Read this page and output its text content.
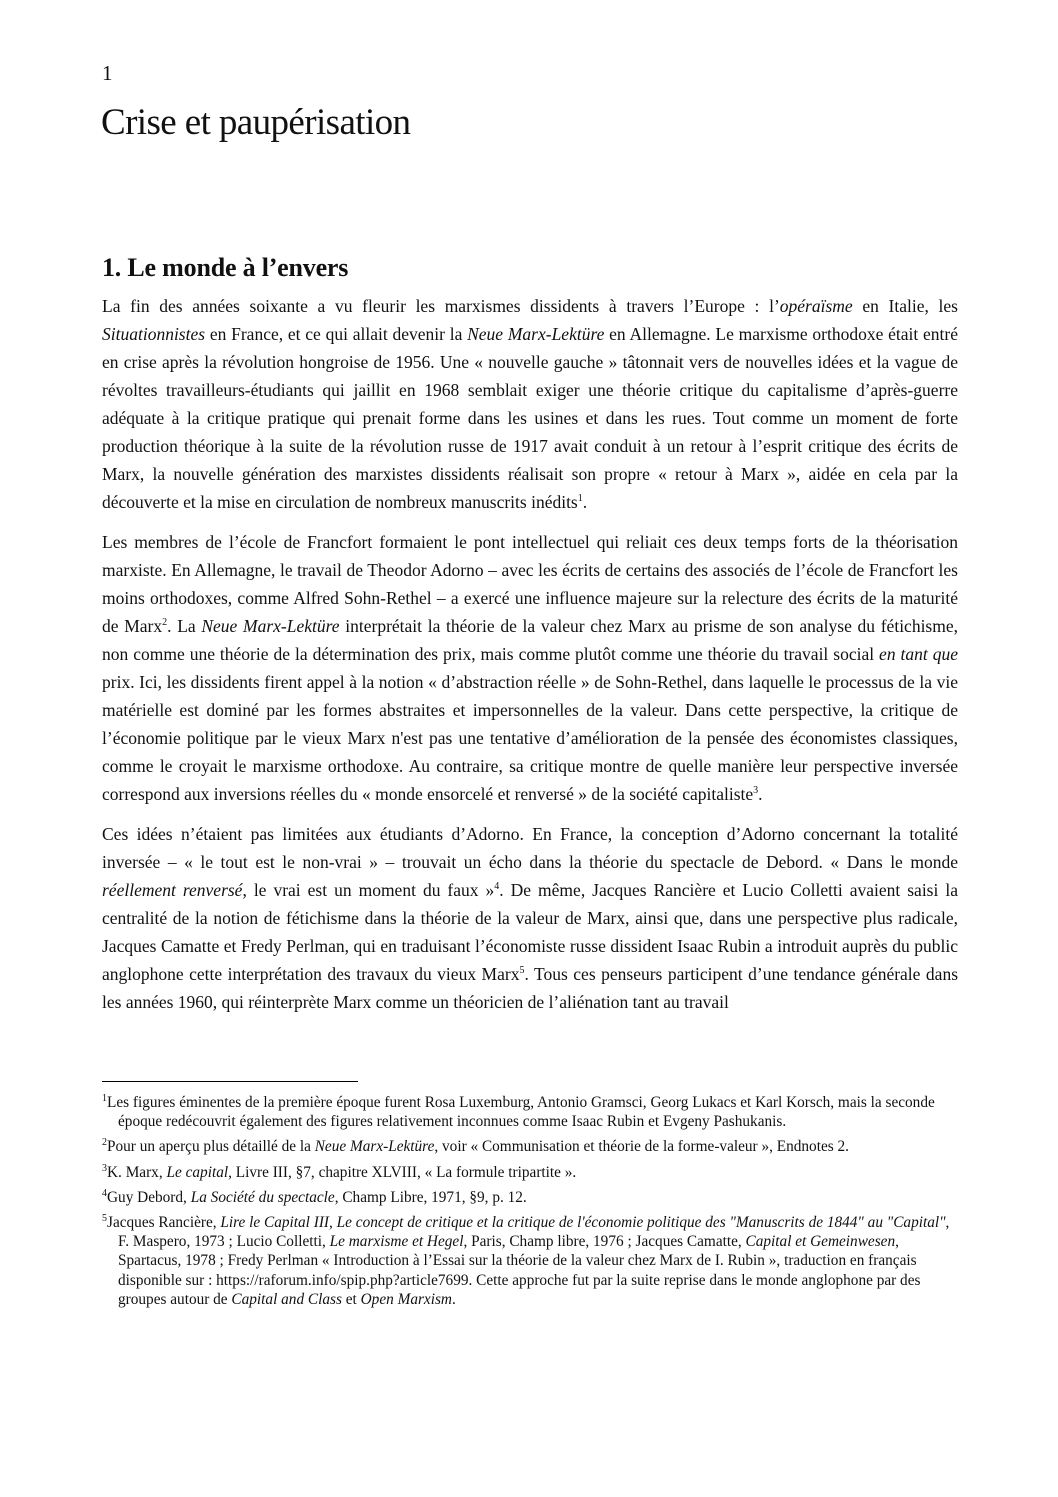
1
Crise et paupérisation
1. Le monde à l’envers

La fin des années soixante a vu fleurir les marxismes dissidents à travers l’Europe : l’opéraïsme en Italie, les Situationnistes en France, et ce qui allait devenir la Neue Marx-Lektüre en Allemagne. Le marxisme orthodoxe était entré en crise après la révolution hongroise de 1956. Une « nouvelle gauche » tâtonnait vers de nouvelles idées et la vague de révoltes travailleurs-étudiants qui jaillit en 1968 semblait exiger une théorie critique du capitalisme d’après-guerre adéquate à la critique pratique qui prenait forme dans les usines et dans les rues. Tout comme un moment de forte production théorique à la suite de la révolution russe de 1917 avait conduit à un retour à l’esprit critique des écrits de Marx, la nouvelle génération des marxistes dissidents réalisait son propre « retour à Marx », aidée en cela par la découverte et la mise en circulation de nombreux manuscrits inédits$^1$.

Les membres de l’école de Francfort formaient le pont intellectuel qui reliait ces deux temps forts de la théorisation marxiste. En Allemagne, le travail de Theodor Adorno – avec les écrits de certains des associés de l’école de Francfort les moins orthodoxes, comme Alfred Sohn-Rethel – a exercé une influence majeure sur la relecture des écrits de la maturité de Marx$^2$. La Neue Marx-Lektüre interprétait la théorie de la valeur chez Marx au prisme de son analyse du fétichisme, non comme une théorie de la détermination des prix, mais comme plutôt comme une théorie du travail social en tant que prix. Ici, les dissidents firent appel à la notion « d’abstraction réelle » de Sohn-Rethel, dans laquelle le processus de la vie matérielle est dominé par les formes abstraites et impersonnelles de la valeur. Dans cette perspective, la critique de l’économie politique par le vieux Marx n'est pas une tentative d’amélioration de la pensée des économistes classiques, comme le croyait le marxisme orthodoxe. Au contraire, sa critique montre de quelle manière leur perspective inversée correspond aux inversions réelles du « monde ensorcelé et renversé » de la société capitaliste$^3$.

Ces idées n’étaient pas limitées aux étudiants d’Adorno. En France, la conception d’Adorno concernant la totalité inversée – « le tout est le non-vrai » – trouvait un écho dans la théorie du spectacle de Debord. « Dans le monde réellement renversé, le vrai est un moment du faux »$^4$. De même, Jacques Rancière et Lucio Colletti avaient saisi la centralité de la notion de fétichisme dans la théorie de la valeur de Marx, ainsi que, dans une perspective plus radicale, Jacques Camatte et Fredy Perlman, qui en traduisant l’économiste russe dissident Isaac Rubin a introduit auprès du public anglophone cette interprétation des travaux du vieux Marx$^5$. Tous ces penseurs participent d’une tendance générale dans les années 1960, qui réinterprète Marx comme un théoricien de l’aliénation tant au travail

$^1$Les figures éminentes de la première époque furent Rosa Luxemburg, Antonio Gramsci, Georg Lukacs et Karl Korsch, mais la seconde époque redécouvrit également des figures relativement inconnues comme Isaac Rubin et Evgeny Pashukanis.
$^2$Pour un aperçu plus détaillé de la Neue Marx-Lektüre, voir « Communisation et théorie de la forme-valeur », Endnotes 2.
$^3$K. Marx, Le capital, Livre III, §7, chapitre XLVIII, « La formule tripartite ».
$^4$Guy Debord, La Société du spectacle, Champ Libre, 1971, §9, p. 12.
$^5$Jacques Rancière, Lire le Capital III, Le concept de critique et la critique de l'économie politique des "Manuscrits de 1844" au "Capital", F. Maspero, 1973 ; Lucio Colletti, Le marxisme et Hegel, Paris, Champ libre, 1976 ; Jacques Camatte, Capital et Gemeinwesen, Spartacus, 1978 ; Fredy Perlman « Introduction à l’Essai sur la théorie de la valeur chez Marx de I. Rubin », traduction en français disponible sur : https://raforum.info/spip.php?article7699. Cette approche fut par la suite reprise dans le monde anglophone par des groupes autour de Capital and Class et Open Marxism.
